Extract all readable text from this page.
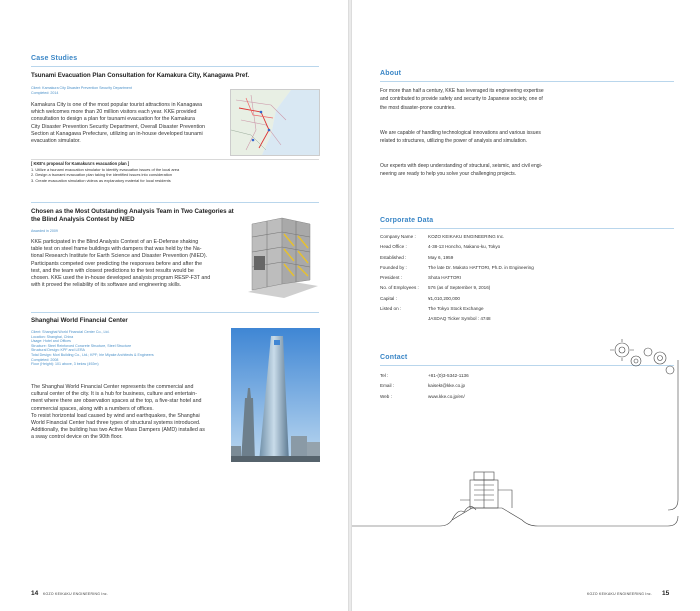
Case Studies
Tsunami Evacuation Plan Consultation for Kamakura City, Kanagawa Pref.
Client: Kamakura City Disaster Prevention Security Department
Completed: 2014
Kamakura City is one of the most popular tourist attractions in Kanagawa
which welcomes more than 20 million visitors each year. KKE provided
consultation to design a plan for tsunami evacuation for the Kamakura
City Disaster Prevention Security Department, Overall Disaster Prevention
Section at Kanagawa Prefecture, utilizing an in-house developed tsunami
evacuation simulator.
[ KKE's proposal for Kamakura's evacuation plan ]
1. Utilize a tsunami evacuation simulator to identify evacuation issues of the local area
2. Design a tsunami evacuation plan taking the identified issues into consideration
3. Create evacuation simulation videos as explanatory material for local residents
Chosen as the Most Outstanding Analysis Team in Two Categories at
the Blind Analysis Contest by NIED
Awarded in 2009
KKE participated in the Blind Analysis Contest of an E-Defense shaking
table test on steel frame buildings with dampers that was held by the Na-
tional Research Institute for Earth Science and Disaster Prevention (NIED).
Participants competed over predicting the responses before and after the
test, and the team with closest predictions to the test results would be
chosen. KKE used the in-house developed analysis program RESP-F3T and
with it proved the reliability of its software and engineering skills.
Shanghai World Financial Center
Client: Shanghai World Financial Center Co., Ltd.
Location: Shanghai, China
Usage: Hotel and Offices
Structure: Steel Reinforced Concrete Structure, Steel Structure
Structural Design: KPF and LERA
Total Design: Mori Building Co., Ltd.; KPF; Irie Miyake Architects & Engineers
Completed: 2008
Floor (Height): 101 above, 3 below (492m)
The Shanghai World Financial Center represents the commercial and
cultural center of the city. It is a hub for business, culture and entertain-
ment where there are observation spaces at the top, a five-star hotel and
commercial spaces, along with a numbers of offices.
To resist horizontal load caused by wind and earthquakes, the Shanghai
World Financial Center had three types of structural systems introduced.
Additionally, the building has two Active Mass Dampers (AMD) installed as
a sway control device on the 90th floor.
14 KOZO KEIKAKU ENGINEERING Inc.
About
For more than half a century, KKE has leveraged its engineering expertise
and contributed to provide safety and security to Japanese society, one of
the most disaster-prone countries.
We are capable of handling technological innovations and various issues
related to structures, utilizing the power of analysis and simulation.
Our experts with deep understanding of structural, seismic, and civil engi-
neering are ready to help you solve your challenging projects.
Corporate Data
Company Name :	KOZO KEIKAKU ENGINEERING Inc.
Head Office :	4-38-13 Honcho, Nakano-ku, Tokyo
Established :	May 6, 1959
Founded by :	The late Dr. Makoto HATTORI, Ph.D. in Engineering
President :	Shota HATTORI
No. of Employees :	576 (as of September 9, 2016)
Capital :	¥1,010,200,000
Listed on :	The Tokyo Stock Exchange
JASDAQ Ticker Symbol : 4748
Contact
Tel :	+81-(0)3-5342-1136
Email :	kaisekI@kke.co.jp
Web :	www.kke.co.jp/en/
KOZO KEIKAKU ENGINEERING Inc. 15
